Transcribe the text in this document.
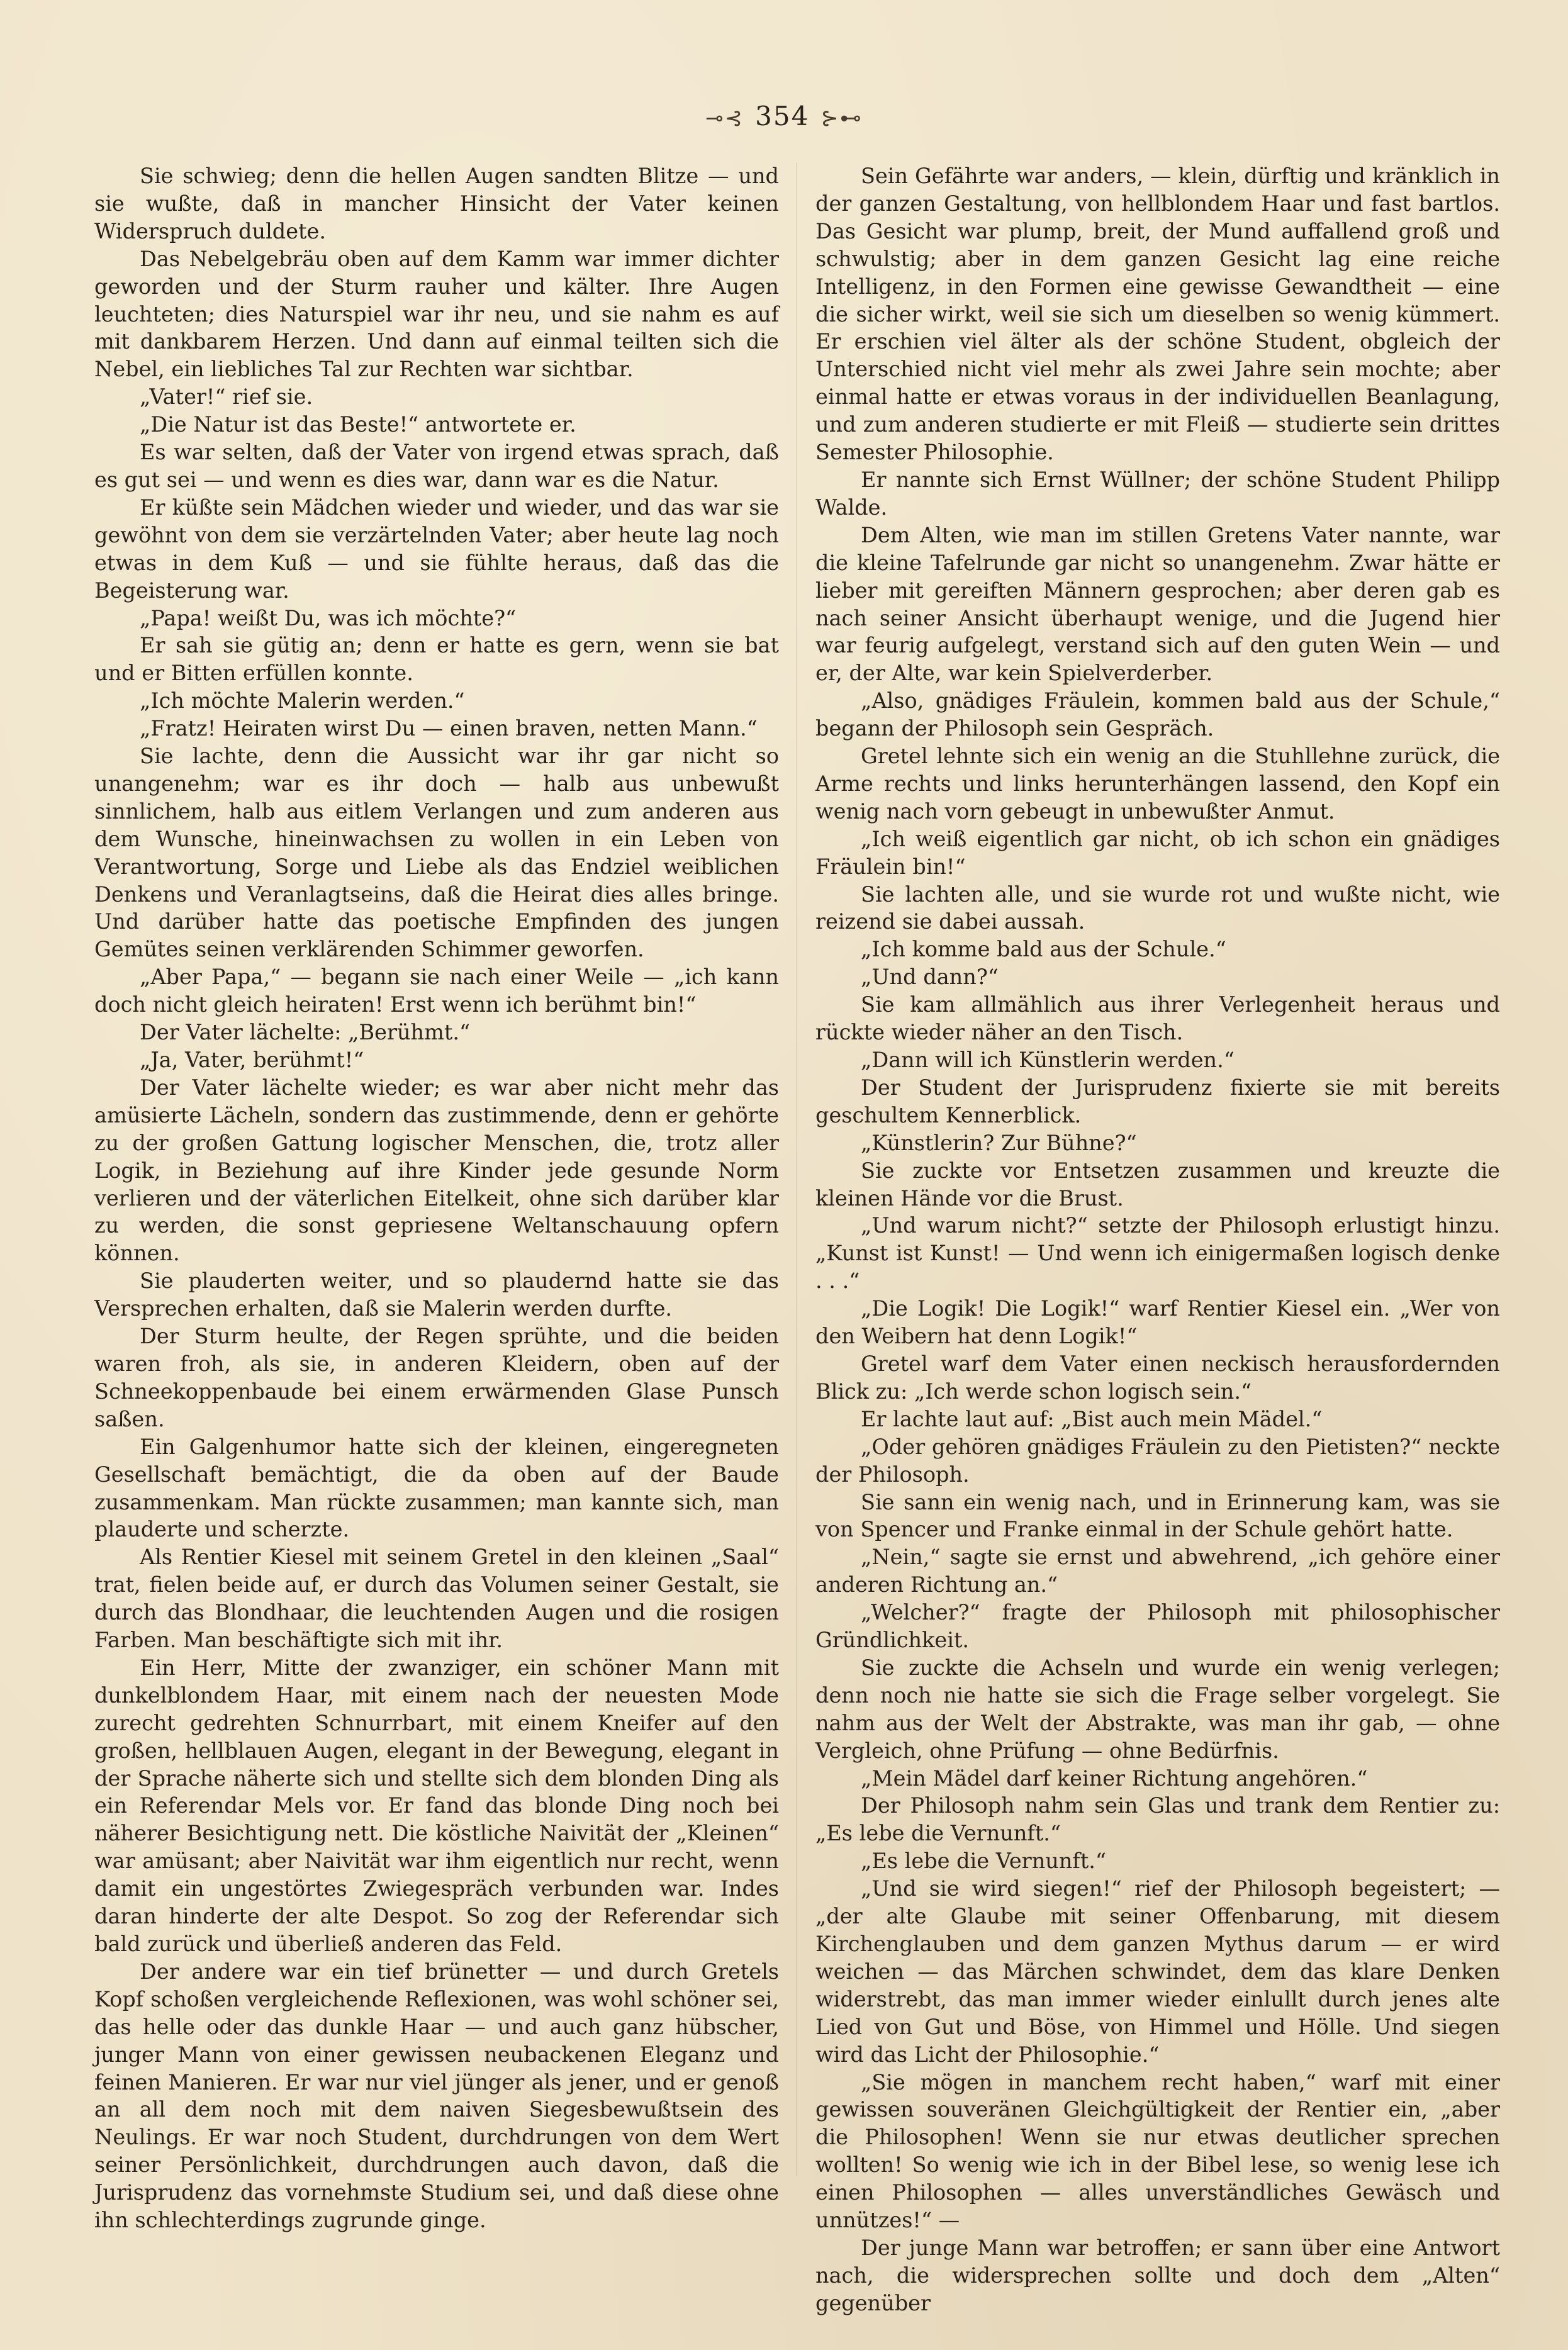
⊸⊰ 354 ⊱⊷

Sie schwieg; denn die hellen Augen sandten Blitze — und sie wußte, daß in mancher Hinsicht der Vater keinen Widerspruch duldete.

Das Nebelgebräu oben auf dem Kamm war immer dichter geworden und der Sturm rauher und kälter. Ihre Augen leuchteten; dies Naturspiel war ihr neu, und sie nahm es auf mit dankbarem Herzen. Und dann auf einmal teilten sich die Nebel, ein liebliches Tal zur Rechten war sichtbar.

„Vater!“ rief sie.

„Die Natur ist das Beste!“ antwortete er.

Es war selten, daß der Vater von irgend etwas sprach, daß es gut sei — und wenn es dies war, dann war es die Natur.

Er küßte sein Mädchen wieder und wieder, und das war sie gewöhnt von dem sie verzärtelnden Vater; aber heute lag noch etwas in dem Kuß — und sie fühlte heraus, daß das die Begeisterung war.

„Papa! weißt Du, was ich möchte?“

Er sah sie gütig an; denn er hatte es gern, wenn sie bat und er Bitten erfüllen konnte.

„Ich möchte Malerin werden.“

„Fratz! Heiraten wirst Du — einen braven, netten Mann.“

Sie lachte, denn die Aussicht war ihr gar nicht so unangenehm; war es ihr doch — halb aus unbewußt sinnlichem, halb aus eitlem Verlangen und zum anderen aus dem Wunsche, hineinwachsen zu wollen in ein Leben von Verantwortung, Sorge und Liebe als das Endziel weiblichen Denkens und Veranlagtseins, daß die Heirat dies alles bringe. Und darüber hatte das poetische Empfinden des jungen Gemütes seinen verklärenden Schimmer geworfen.

„Aber Papa,“ — begann sie nach einer Weile — „ich kann doch nicht gleich heiraten! Erst wenn ich berühmt bin!“

Der Vater lächelte: „Berühmt.“

„Ja, Vater, berühmt!“

Der Vater lächelte wieder; es war aber nicht mehr das amüsierte Lächeln, sondern das zustimmende, denn er gehörte zu der großen Gattung logischer Menschen, die, trotz aller Logik, in Beziehung auf ihre Kinder jede gesunde Norm verlieren und der väterlichen Eitelkeit, ohne sich darüber klar zu werden, die sonst gepriesene Weltanschauung opfern können.

Sie plauderten weiter, und so plaudernd hatte sie das Versprechen erhalten, daß sie Malerin werden durfte.

Der Sturm heulte, der Regen sprühte, und die beiden waren froh, als sie, in anderen Kleidern, oben auf der Schneekoppenbaude bei einem erwärmenden Glase Punsch saßen.

Ein Galgenhumor hatte sich der kleinen, eingeregneten Gesellschaft bemächtigt, die da oben auf der Baude zusammenkam. Man rückte zusammen; man kannte sich, man plauderte und scherzte.

Als Rentier Kiesel mit seinem Gretel in den kleinen „Saal“ trat, fielen beide auf, er durch das Volumen seiner Gestalt, sie durch das Blondhaar, die leuchtenden Augen und die rosigen Farben. Man beschäftigte sich mit ihr.

Ein Herr, Mitte der zwanziger, ein schöner Mann mit dunkelblondem Haar, mit einem nach der neuesten Mode zurecht gedrehten Schnurrbart, mit einem Kneifer auf den großen, hellblauen Augen, elegant in der Bewegung, elegant in der Sprache näherte sich und stellte sich dem blonden Ding als ein Referendar Mels vor. Er fand das blonde Ding noch bei näherer Besichtigung nett. Die köstliche Naivität der „Kleinen“ war amüsant; aber Naivität war ihm eigentlich nur recht, wenn damit ein ungestörtes Zwiegespräch verbunden war. Indes daran hinderte der alte Despot. So zog der Referendar sich bald zurück und überließ anderen das Feld.

Der andere war ein tief brünetter — und durch Gretels Kopf schoßen vergleichende Reflexionen, was wohl schöner sei, das helle oder das dunkle Haar — und auch ganz hübscher, junger Mann von einer gewissen neubackenen Eleganz und feinen Manieren. Er war nur viel jünger als jener, und er genoß an all dem noch mit dem naiven Siegesbewußtsein des Neulings. Er war noch Student, durchdrungen von dem Wert seiner Persönlichkeit, durchdrungen auch davon, daß die Jurisprudenz das vornehmste Studium sei, und daß diese ohne ihn schlechterdings zugrunde ginge.

Sein Gefährte war anders, — klein, dürftig und kränklich in der ganzen Gestaltung, von hellblondem Haar und fast bartlos. Das Gesicht war plump, breit, der Mund auffallend groß und schwulstig; aber in dem ganzen Gesicht lag eine reiche Intelligenz, in den Formen eine gewisse Gewandtheit — eine die sicher wirkt, weil sie sich um dieselben so wenig kümmert. Er erschien viel älter als der schöne Student, obgleich der Unterschied nicht viel mehr als zwei Jahre sein mochte; aber einmal hatte er etwas voraus in der individuellen Beanlagung, und zum anderen studierte er mit Fleiß — studierte sein drittes Semester Philosophie.

Er nannte sich Ernst Wüllner; der schöne Student Philipp Walde.

Dem Alten, wie man im stillen Gretens Vater nannte, war die kleine Tafelrunde gar nicht so unangenehm. Zwar hätte er lieber mit gereiften Männern gesprochen; aber deren gab es nach seiner Ansicht überhaupt wenige, und die Jugend hier war feurig aufgelegt, verstand sich auf den guten Wein — und er, der Alte, war kein Spielverderber.

„Also, gnädiges Fräulein, kommen bald aus der Schule,“ begann der Philosoph sein Gespräch.

Gretel lehnte sich ein wenig an die Stuhllehne zurück, die Arme rechts und links herunterhängen lassend, den Kopf ein wenig nach vorn gebeugt in unbewußter Anmut.

„Ich weiß eigentlich gar nicht, ob ich schon ein gnädiges Fräulein bin!“

Sie lachten alle, und sie wurde rot und wußte nicht, wie reizend sie dabei aussah.

„Ich komme bald aus der Schule.“

„Und dann?“

Sie kam allmählich aus ihrer Verlegenheit heraus und rückte wieder näher an den Tisch.

„Dann will ich Künstlerin werden.“

Der Student der Jurisprudenz fixierte sie mit bereits geschultem Kennerblick.

„Künstlerin? Zur Bühne?“

Sie zuckte vor Entsetzen zusammen und kreuzte die kleinen Hände vor die Brust.

„Und warum nicht?“ setzte der Philosoph erlustigt hinzu. „Kunst ist Kunst! — Und wenn ich einigermaßen logisch denke . . .“

„Die Logik! Die Logik!“ warf Rentier Kiesel ein. „Wer von den Weibern hat denn Logik!“

Gretel warf dem Vater einen neckisch herausfordernden Blick zu: „Ich werde schon logisch sein.“

Er lachte laut auf: „Bist auch mein Mädel.“

„Oder gehören gnädiges Fräulein zu den Pietisten?“ neckte der Philosoph.

Sie sann ein wenig nach, und in Erinnerung kam, was sie von Spencer und Franke einmal in der Schule gehört hatte.

„Nein,“ sagte sie ernst und abwehrend, „ich gehöre einer anderen Richtung an.“

„Welcher?“ fragte der Philosoph mit philosophischer Gründlichkeit.

Sie zuckte die Achseln und wurde ein wenig verlegen; denn noch nie hatte sie sich die Frage selber vorgelegt. Sie nahm aus der Welt der Abstrakte, was man ihr gab, — ohne Vergleich, ohne Prüfung — ohne Bedürfnis.

„Mein Mädel darf keiner Richtung angehören.“

Der Philosoph nahm sein Glas und trank dem Rentier zu: „Es lebe die Vernunft.“

„Es lebe die Vernunft.“

„Und sie wird siegen!“ rief der Philosoph begeistert; — „der alte Glaube mit seiner Offenbarung, mit diesem Kirchenglauben und dem ganzen Mythus darum — er wird weichen — das Märchen schwindet, dem das klare Denken widerstrebt, das man immer wieder einlullt durch jenes alte Lied von Gut und Böse, von Himmel und Hölle. Und siegen wird das Licht der Philosophie.“

„Sie mögen in manchem recht haben,“ warf mit einer gewissen souveränen Gleichgültigkeit der Rentier ein, „aber die Philosophen! Wenn sie nur etwas deutlicher sprechen wollten! So wenig wie ich in der Bibel lese, so wenig lese ich einen Philosophen — alles unverständliches Gewäsch und unnützes!“ —

Der junge Mann war betroffen; er sann über eine Antwort nach, die widersprechen sollte und doch dem „Alten“ gegenüber
